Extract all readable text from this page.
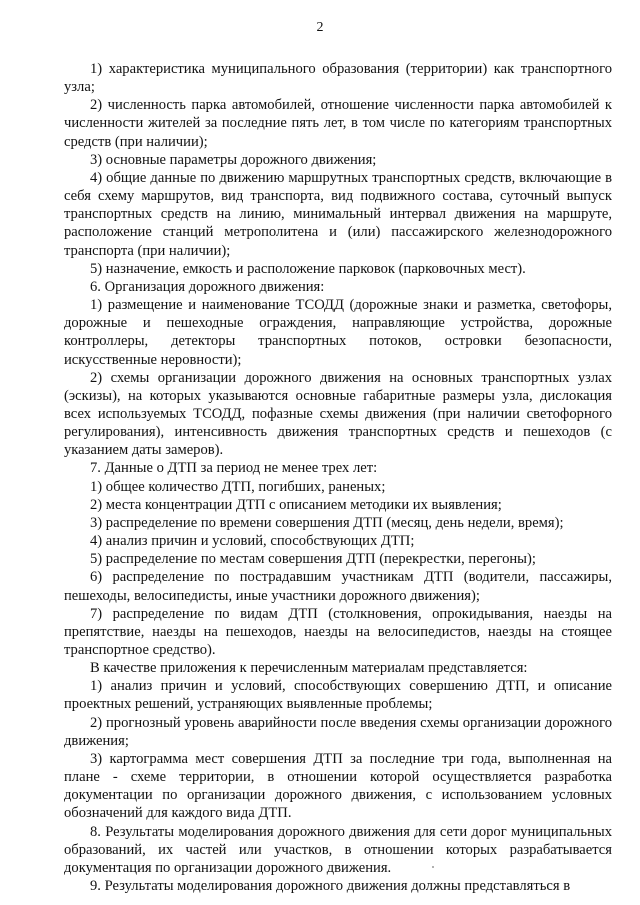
2

1) характеристика муниципального образования (территории) как транспортного узла;

2) численность парка автомобилей, отношение численности парка автомобилей к численности жителей за последние пять лет, в том числе по категориям транспортных средств (при наличии);

3) основные параметры дорожного движения;

4) общие данные по движению маршрутных транспортных средств, включающие в себя схему маршрутов, вид транспорта, вид подвижного состава, суточный выпуск транспортных средств на линию, минимальный интервал движения на маршруте, расположение станций метрополитена и (или) пассажирского железнодорожного транспорта (при наличии);

5) назначение, емкость и расположение парковок (парковочных мест).

6. Организация дорожного движения:

1) размещение и наименование ТСОДД (дорожные знаки и разметка, светофоры, дорожные и пешеходные ограждения, направляющие устройства, дорожные контроллеры, детекторы транспортных потоков, островки безопасности, искусственные неровности);

2) схемы организации дорожного движения на основных транспортных узлах (эскизы), на которых указываются основные габаритные размеры узла, дислокация всех используемых ТСОДД, пофазные схемы движения (при наличии светофорного регулирования), интенсивность движения транспортных средств и пешеходов (с указанием даты замеров).

7. Данные о ДТП за период не менее трех лет:

1) общее количество ДТП, погибших, раненых;

2) места концентрации ДТП с описанием методики их выявления;

3) распределение по времени совершения ДТП (месяц, день недели, время);

4) анализ причин и условий, способствующих ДТП;

5) распределение по местам совершения ДТП (перекрестки, перегоны);

6) распределение по пострадавшим участникам ДТП (водители, пассажиры, пешеходы, велосипедисты, иные участники дорожного движения);

7) распределение по видам ДТП (столкновения, опрокидывания, наезды на препятствие, наезды на пешеходов, наезды на велосипедистов, наезды на стоящее транспортное средство).

В качестве приложения к перечисленным материалам представляется:

1) анализ причин и условий, способствующих совершению ДТП, и описание проектных решений, устраняющих выявленные проблемы;

2) прогнозный уровень аварийности после введения схемы организации дорожного движения;

3) картограмма мест совершения ДТП за последние три года, выполненная на плане - схеме территории, в отношении которой осуществляется разработка документации по организации дорожного движения, с использованием условных обозначений для каждого вида ДТП.

8. Результаты моделирования дорожного движения для сети дорог муниципальных образований, их частей или участков, в отношении которых разрабатывается документация по организации дорожного движения.

9. Результаты моделирования дорожного движения должны представляться в
